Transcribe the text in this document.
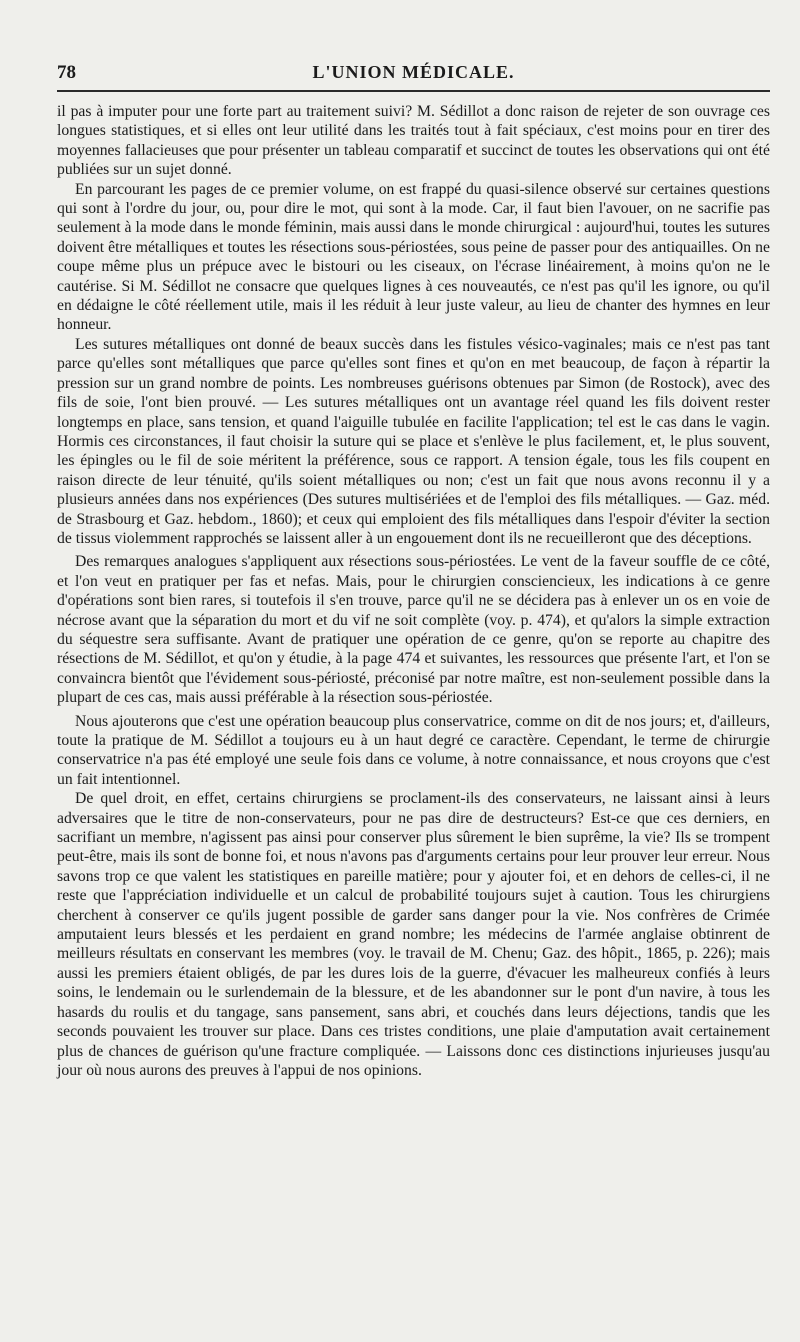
78	L'UNION MÉDICALE.

il pas à imputer pour une forte part au traitement suivi? M. Sédillot a donc raison de rejeter de son ouvrage ces longues statistiques, et si elles ont leur utilité dans les traités tout à fait spéciaux, c'est moins pour en tirer des moyennes fallacieuses que pour présenter un tableau comparatif et succinct de toutes les observations qui ont été publiées sur un sujet donné.

En parcourant les pages de ce premier volume, on est frappé du quasi-silence observé sur certaines questions qui sont à l'ordre du jour, ou, pour dire le mot, qui sont à la mode. Car, il faut bien l'avouer, on ne sacrifie pas seulement à la mode dans le monde féminin, mais aussi dans le monde chirurgical : aujourd'hui, toutes les sutures doivent être métalliques et toutes les résections sous-périostées, sous peine de passer pour des antiquailles. On ne coupe même plus un prépuce avec le bistouri ou les ciseaux, on l'écrase linéairement, à moins qu'on ne le cautérise. Si M. Sédillot ne consacre que quelques lignes à ces nouveautés, ce n'est pas qu'il les ignore, ou qu'il en dédaigne le côté réellement utile, mais il les réduit à leur juste valeur, au lieu de chanter des hymnes en leur honneur.

Les sutures métalliques ont donné de beaux succès dans les fistules vésico-vaginales; mais ce n'est pas tant parce qu'elles sont métalliques que parce qu'elles sont fines et qu'on en met beaucoup, de façon à répartir la pression sur un grand nombre de points. Les nombreuses guérisons obtenues par Simon (de Rostock), avec des fils de soie, l'ont bien prouvé. — Les sutures métalliques ont un avantage réel quand les fils doivent rester longtemps en place, sans tension, et quand l'aiguille tubulée en facilite l'application; tel est le cas dans le vagin. Hormis ces circonstances, il faut choisir la suture qui se place et s'enlève le plus facilement, et, le plus souvent, les épingles ou le fil de soie méritent la préférence, sous ce rapport. A tension égale, tous les fils coupent en raison directe de leur ténuité, qu'ils soient métalliques ou non; c'est un fait que nous avons reconnu il y a plusieurs années dans nos expériences (Des sutures multisériées et de l'emploi des fils métalliques. — Gaz. méd. de Strasbourg et Gaz. hebdom., 1860); et ceux qui emploient des fils métalliques dans l'espoir d'éviter la section de tissus violemment rapprochés se laissent aller à un engouement dont ils ne recueilleront que des déceptions.

Des remarques analogues s'appliquent aux résections sous-périostées. Le vent de la faveur souffle de ce côté, et l'on veut en pratiquer per fas et nefas. Mais, pour le chirurgien consciencieux, les indications à ce genre d'opérations sont bien rares, si toutefois il s'en trouve, parce qu'il ne se décidera pas à enlever un os en voie de nécrose avant que la séparation du mort et du vif ne soit complète (voy. p. 474), et qu'alors la simple extraction du séquestre sera suffisante. Avant de pratiquer une opération de ce genre, qu'on se reporte au chapitre des résections de M. Sédillot, et qu'on y étudie, à la page 474 et suivantes, les ressources que présente l'art, et l'on se convaincra bientôt que l'évidement sous-périosté, préconisé par notre maître, est non-seulement possible dans la plupart de ces cas, mais aussi préférable à la résection sous-périostée.

Nous ajouterons que c'est une opération beaucoup plus conservatrice, comme on dit de nos jours; et, d'ailleurs, toute la pratique de M. Sédillot a toujours eu à un haut degré ce caractère. Cependant, le terme de chirurgie conservatrice n'a pas été employé une seule fois dans ce volume, à notre connaissance, et nous croyons que c'est un fait intentionnel.

De quel droit, en effet, certains chirurgiens se proclament-ils des conservateurs, ne laissant ainsi à leurs adversaires que le titre de non-conservateurs, pour ne pas dire de destructeurs? Est-ce que ces derniers, en sacrifiant un membre, n'agissent pas ainsi pour conserver plus sûrement le bien suprême, la vie? Ils se trompent peut-être, mais ils sont de bonne foi, et nous n'avons pas d'arguments certains pour leur prouver leur erreur. Nous savons trop ce que valent les statistiques en pareille matière; pour y ajouter foi, et en dehors de celles-ci, il ne reste que l'appréciation individuelle et un calcul de probabilité toujours sujet à caution. Tous les chirurgiens cherchent à conserver ce qu'ils jugent possible de garder sans danger pour la vie. Nos confrères de Crimée amputaient leurs blessés et les perdaient en grand nombre; les médecins de l'armée anglaise obtinrent de meilleurs résultats en conservant les membres (voy. le travail de M. Chenu; Gaz. des hôpit., 1865, p. 226); mais aussi les premiers étaient obligés, de par les dures lois de la guerre, d'évacuer les malheureux confiés à leurs soins, le lendemain ou le surlendemain de la blessure, et de les abandonner sur le pont d'un navire, à tous les hasards du roulis et du tangage, sans pansement, sans abri, et couchés dans leurs déjections, tandis que les seconds pouvaient les trouver sur place. Dans ces tristes conditions, une plaie d'amputation avait certainement plus de chances de guérison qu'une fracture compliquée. — Laissons donc ces distinctions injurieuses jusqu'au jour où nous aurons des preuves à l'appui de nos opinions.
